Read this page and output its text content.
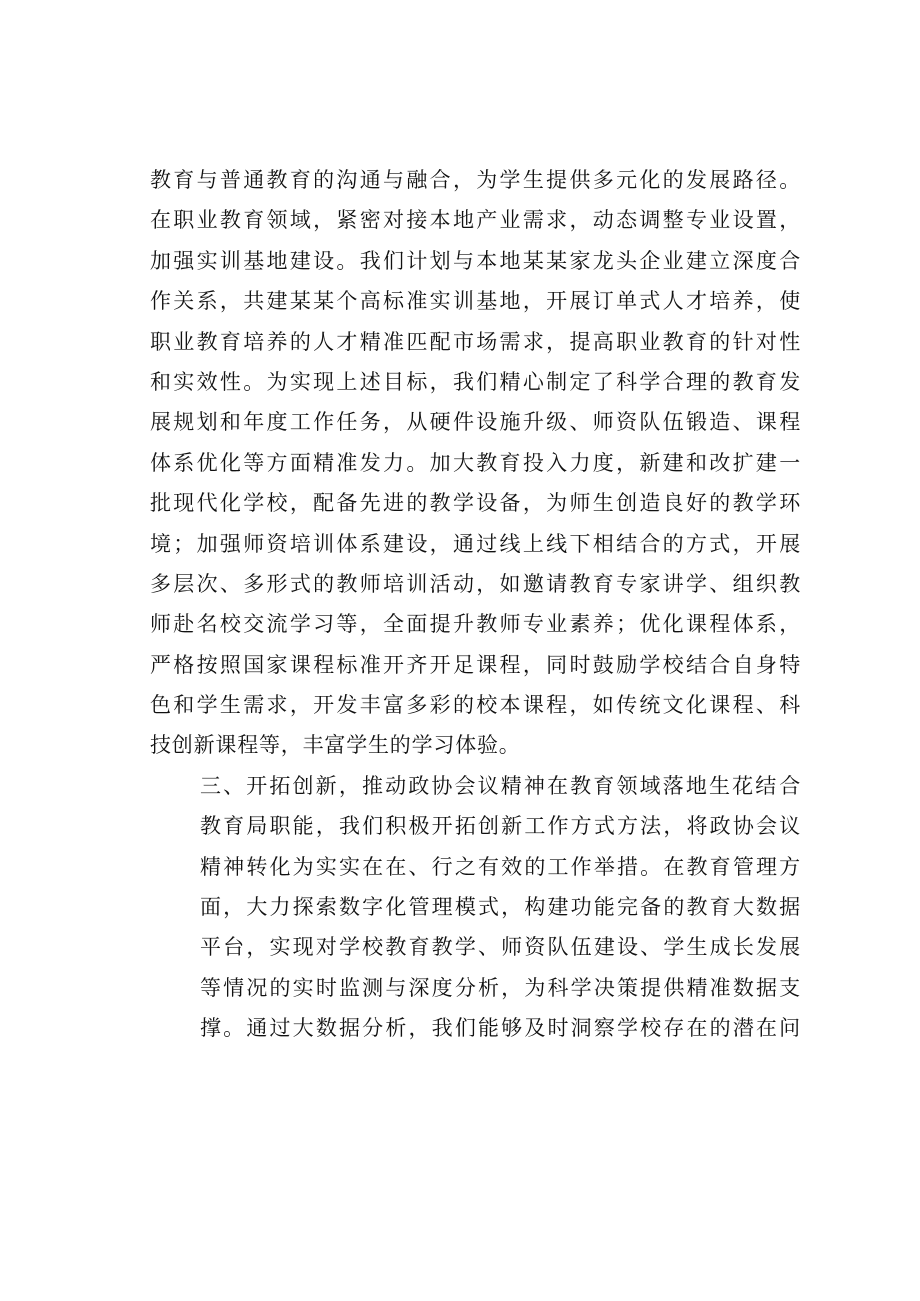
教育与普通教育的沟通与融合，为学生提供多元化的发展路径。
在职业教育领域，紧密对接本地产业需求，动态调整专业设置，
加强实训基地建设。我们计划与本地某某家龙头企业建立深度合
作关系，共建某某个高标准实训基地，开展订单式人才培养，使
职业教育培养的人才精准匹配市场需求，提高职业教育的针对性
和实效性。为实现上述目标，我们精心制定了科学合理的教育发
展规划和年度工作任务，从硬件设施升级、师资队伍锻造、课程
体系优化等方面精准发力。加大教育投入力度，新建和改扩建一
批现代化学校，配备先进的教学设备，为师生创造良好的教学环
境；加强师资培训体系建设，通过线上线下相结合的方式，开展
多层次、多形式的教师培训活动，如邀请教育专家讲学、组织教
师赴名校交流学习等，全面提升教师专业素养；优化课程体系，
严格按照国家课程标准开齐开足课程，同时鼓励学校结合自身特
色和学生需求，开发丰富多彩的校本课程，如传统文化课程、科
技创新课程等，丰富学生的学习体验。
三、开拓创新，推动政协会议精神在教育领域落地生花结合
教育局职能，我们积极开拓创新工作方式方法，将政协会议
精神转化为实实在在、行之有效的工作举措。在教育管理方
面，大力探索数字化管理模式，构建功能完备的教育大数据
平台，实现对学校教育教学、师资队伍建设、学生成长发展
等情况的实时监测与深度分析，为科学决策提供精准数据支
撑。通过大数据分析，我们能够及时洞察学校存在的潜在问
